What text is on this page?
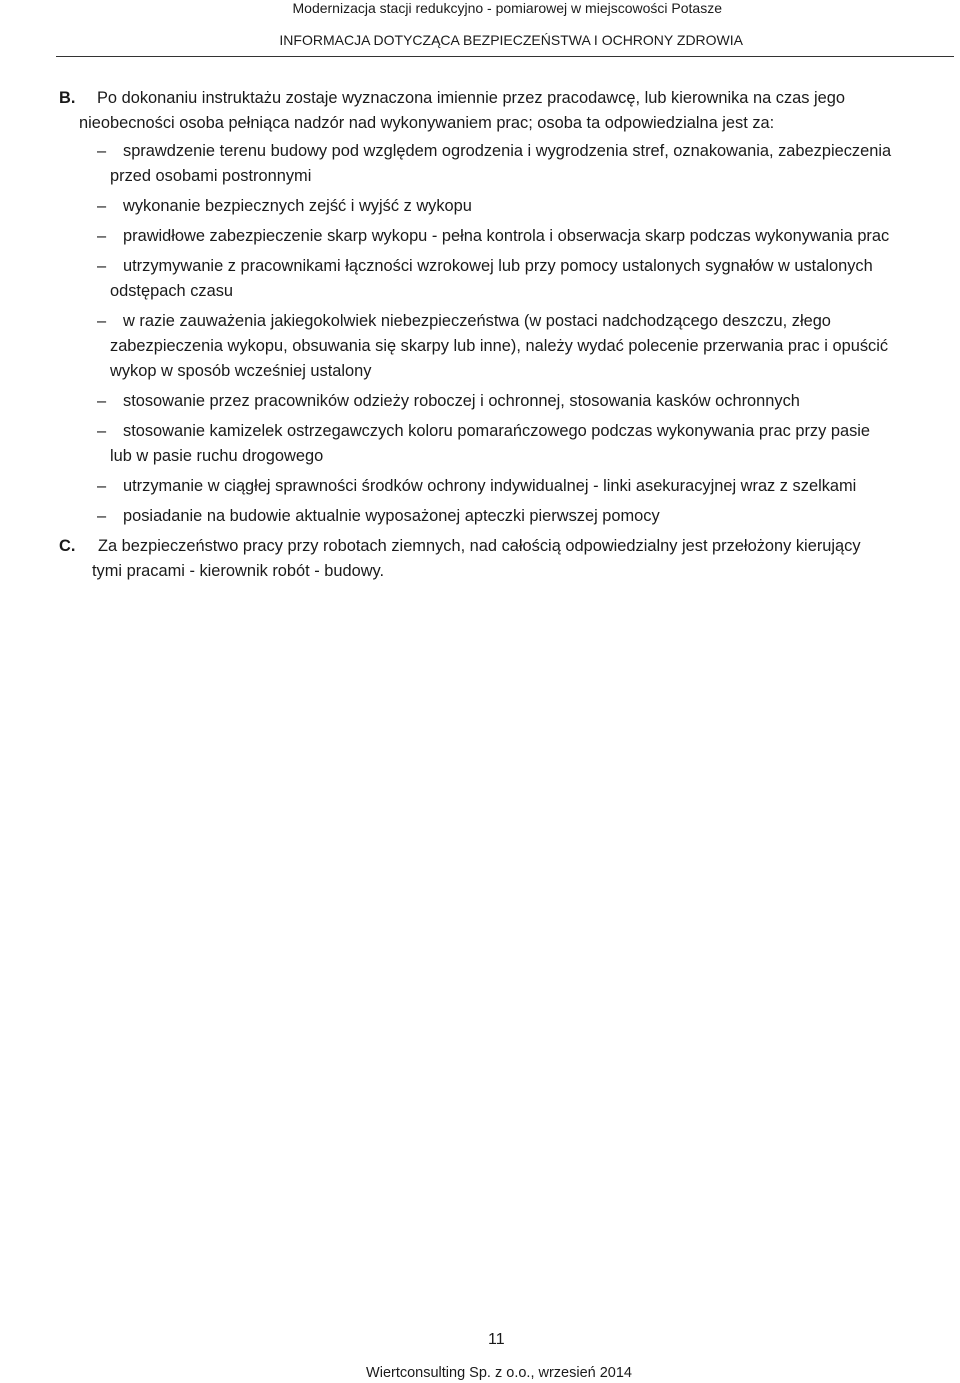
Modernizacja stacji redukcyjno - pomiarowej w miejscowości Potasze
INFORMACJA DOTYCZĄCA BEZPIECZEŃSTWA I OCHRONY ZDROWIA

B. Po dokonaniu instruktażu zostaje wyznaczona imiennie przez pracodawcę, lub kierownika na czas jego nieobecności osoba pełniąca nadzór nad wykonywaniem prac; osoba ta odpowiedzialna jest za:

– sprawdzenie terenu budowy pod względem ogrodzenia i wygrodzenia stref, oznakowania, zabezpieczenia przed osobami postronnymi
– wykonanie bezpiecznych zejść i wyjść z wykopu
– prawidłowe zabezpieczenie skarp wykopu - pełna kontrola i obserwacja skarp podczas wykonywania prac
– utrzymywanie z pracownikami łączności wzrokowej lub przy pomocy ustalonych sygnałów w ustalonych odstępach czasu
– w razie zauważenia jakiegokolwiek niebezpieczeństwa (w postaci nadchodzącego deszczu, złego zabezpieczenia wykopu, obsuwania się skarpy lub inne), należy wydać polecenie przerwania prac i opuścić wykop w sposób wcześniej ustalony
– stosowanie przez pracowników odzieży roboczej i ochronnej, stosowania kasków ochronnych
– stosowanie kamizelek ostrzegawczych koloru pomarańczowego podczas wykonywania prac przy pasie lub w pasie ruchu drogowego
– utrzymanie w ciągłej sprawności środków ochrony indywidualnej - linki asekuracyjnej wraz z szelkami
– posiadanie na budowie aktualnie wyposażonej apteczki pierwszej pomocy

C. Za bezpieczeństwo pracy przy robotach ziemnych, nad całością odpowiedzialny jest przełożony kierujący tymi pracami - kierownik robót - budowy.

11
Wiertconsulting Sp. z o.o., wrzesień 2014
